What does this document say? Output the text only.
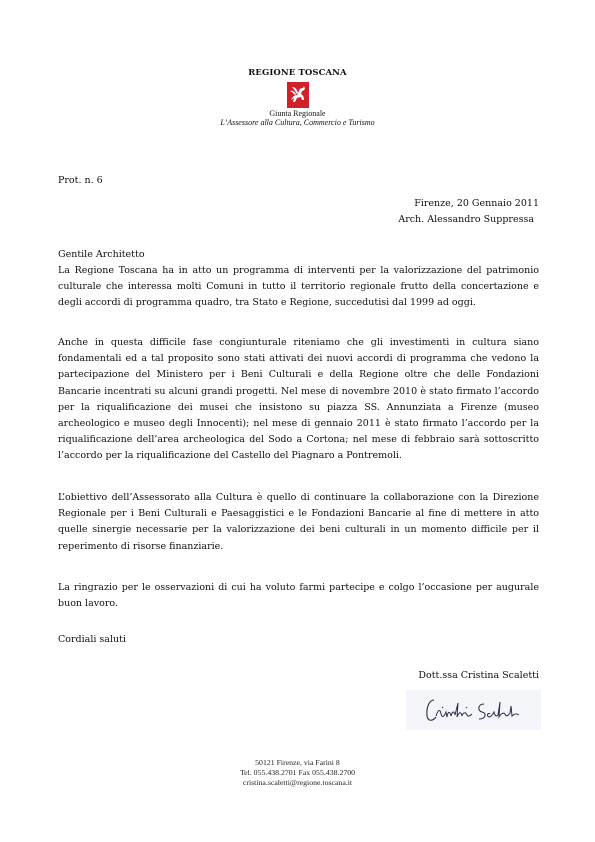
REGIONE TOSCANA
Giunta Regionale
L’Assessore alla Cultura, Commercio e Turismo
Prot. n. 6
Firenze, 20 Gennaio 2011
Arch. Alessandro Suppressa

Gentile Architetto

La Regione Toscana ha in atto un programma di interventi per la valorizzazione del patrimonio culturale che interessa molti Comuni in tutto il territorio regionale frutto della concertazione e degli accordi di programma quadro, tra Stato e Regione, succedutisi dal 1999 ad oggi.

Anche in questa difficile fase congiunturale riteniamo che gli investimenti in cultura siano fondamentali ed a tal proposito sono stati attivati dei nuovi accordi di programma che vedono la partecipazione del Ministero per i Beni Culturali e della Regione oltre che delle Fondazioni Bancarie incentrati su alcuni grandi progetti. Nel mese di novembre 2010 è stato firmato l’accordo per la riqualificazione dei musei che insistono su piazza SS. Annunziata a Firenze (museo archeologico e museo degli Innocenti); nel mese di gennaio 2011 è stato firmato l’accordo per la riqualificazione dell’area archeologica del Sodo a Cortona; nel mese di febbraio sarà sottoscritto l’accordo per la riqualificazione del Castello del Piagnaro a Pontremoli.

L’obiettivo dell’Assessorato alla Cultura è quello di continuare la collaborazione con la Direzione Regionale per i Beni Culturali e Paesaggistici e le Fondazioni Bancarie al fine di mettere in atto quelle sinergie necessarie per la valorizzazione dei beni culturali in un momento difficile per il reperimento di risorse finanziarie.

La ringrazio per le osservazioni di cui ha voluto farmi partecipe e colgo l’occasione per augurale buon lavoro.

Cordiali saluti

Dott.ssa Cristina Scaletti
50121 Firenze, via Farini 8
Tel. 055.438.2701 Fax 055.438.2700
cristina.scaletti@regione.toscana.it
